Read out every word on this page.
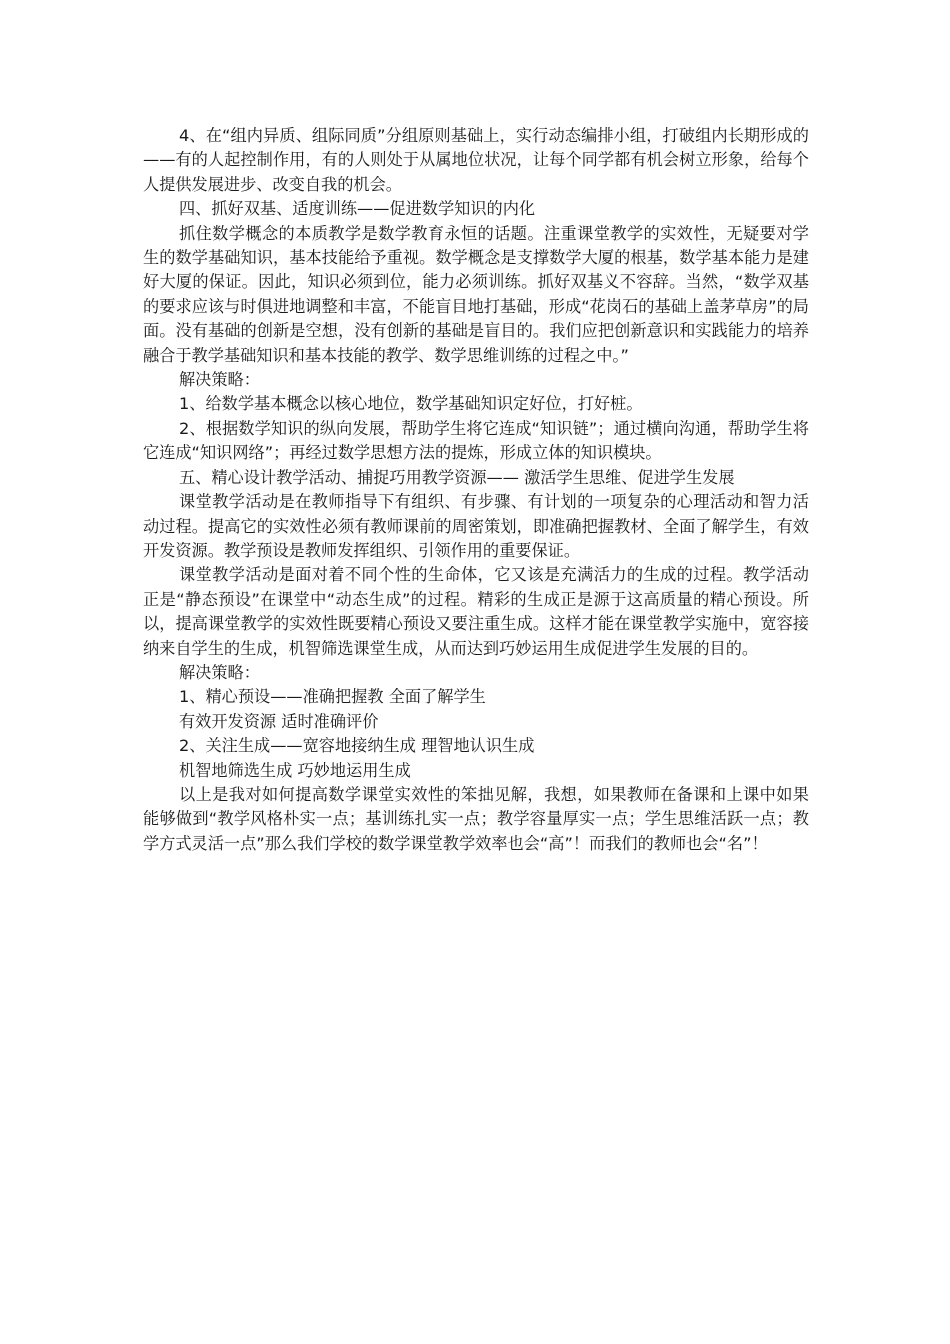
4、在“组内异质、组际同质”分组原则基础上，实行动态编排小组，打破组内长期形成的——有的人起控制作用，有的人则处于从属地位状况，让每个同学都有机会树立形象，给每个人提供发展进步、改变自我的机会。

四、抓好双基、适度训练——促进数学知识的内化

抓住数学概念的本质教学是数学教育永恒的话题。注重课堂教学的实效性，无疑要对学生的数学基础知识，基本技能给予重视。数学概念是支撑数学大厦的根基，数学基本能力是建好大厦的保证。因此，知识必须到位，能力必须训练。抓好双基义不容辞。当然，“数学双基的要求应该与时俱进地调整和丰富，不能盲目地打基础，形成“花岗石的基础上盖茅草房”的局面。没有基础的创新是空想，没有创新的基础是盲目的。我们应把创新意识和实践能力的培养融合于教学基础知识和基本技能的教学、数学思维训练的过程之中。”

解决策略：

1、给数学基本概念以核心地位，数学基础知识定好位，打好桩。

2、根据数学知识的纵向发展，帮助学生将它连成“知识链”；通过横向沟通，帮助学生将它连成“知识网络”；再经过数学思想方法的提炼，形成立体的知识模块。

五、精心设计教学活动、捕捉巧用教学资源—— 激活学生思维、促进学生发展

课堂教学活动是在教师指导下有组织、有步骤、有计划的一项复杂的心理活动和智力活动过程。提高它的实效性必须有教师课前的周密策划，即准确把握教材、全面了解学生，有效开发资源。教学预设是教师发挥组织、引领作用的重要保证。

课堂教学活动是面对着不同个性的生命体，它又该是充满活力的生成的过程。教学活动正是“静态预设”在课堂中“动态生成”的过程。精彩的生成正是源于这高质量的精心预设。所以，提高课堂教学的实效性既要精心预设又要注重生成。这样才能在课堂教学实施中，宽容接纳来自学生的生成，机智筛选课堂生成，从而达到巧妙运用生成促进学生发展的目的。

解决策略：

1、精心预设——准确把握教 全面了解学生

有效开发资源 适时准确评价

2、关注生成——宽容地接纳生成 理智地认识生成

机智地筛选生成 巧妙地运用生成

以上是我对如何提高数学课堂实效性的笨拙见解，我想，如果教师在备课和上课中如果能够做到“教学风格朴实一点；基训练扎实一点；教学容量厚实一点；学生思维活跃一点；教学方式灵活一点”那么我们学校的数学课堂教学效率也会“高”！而我们的教师也会“名”！
